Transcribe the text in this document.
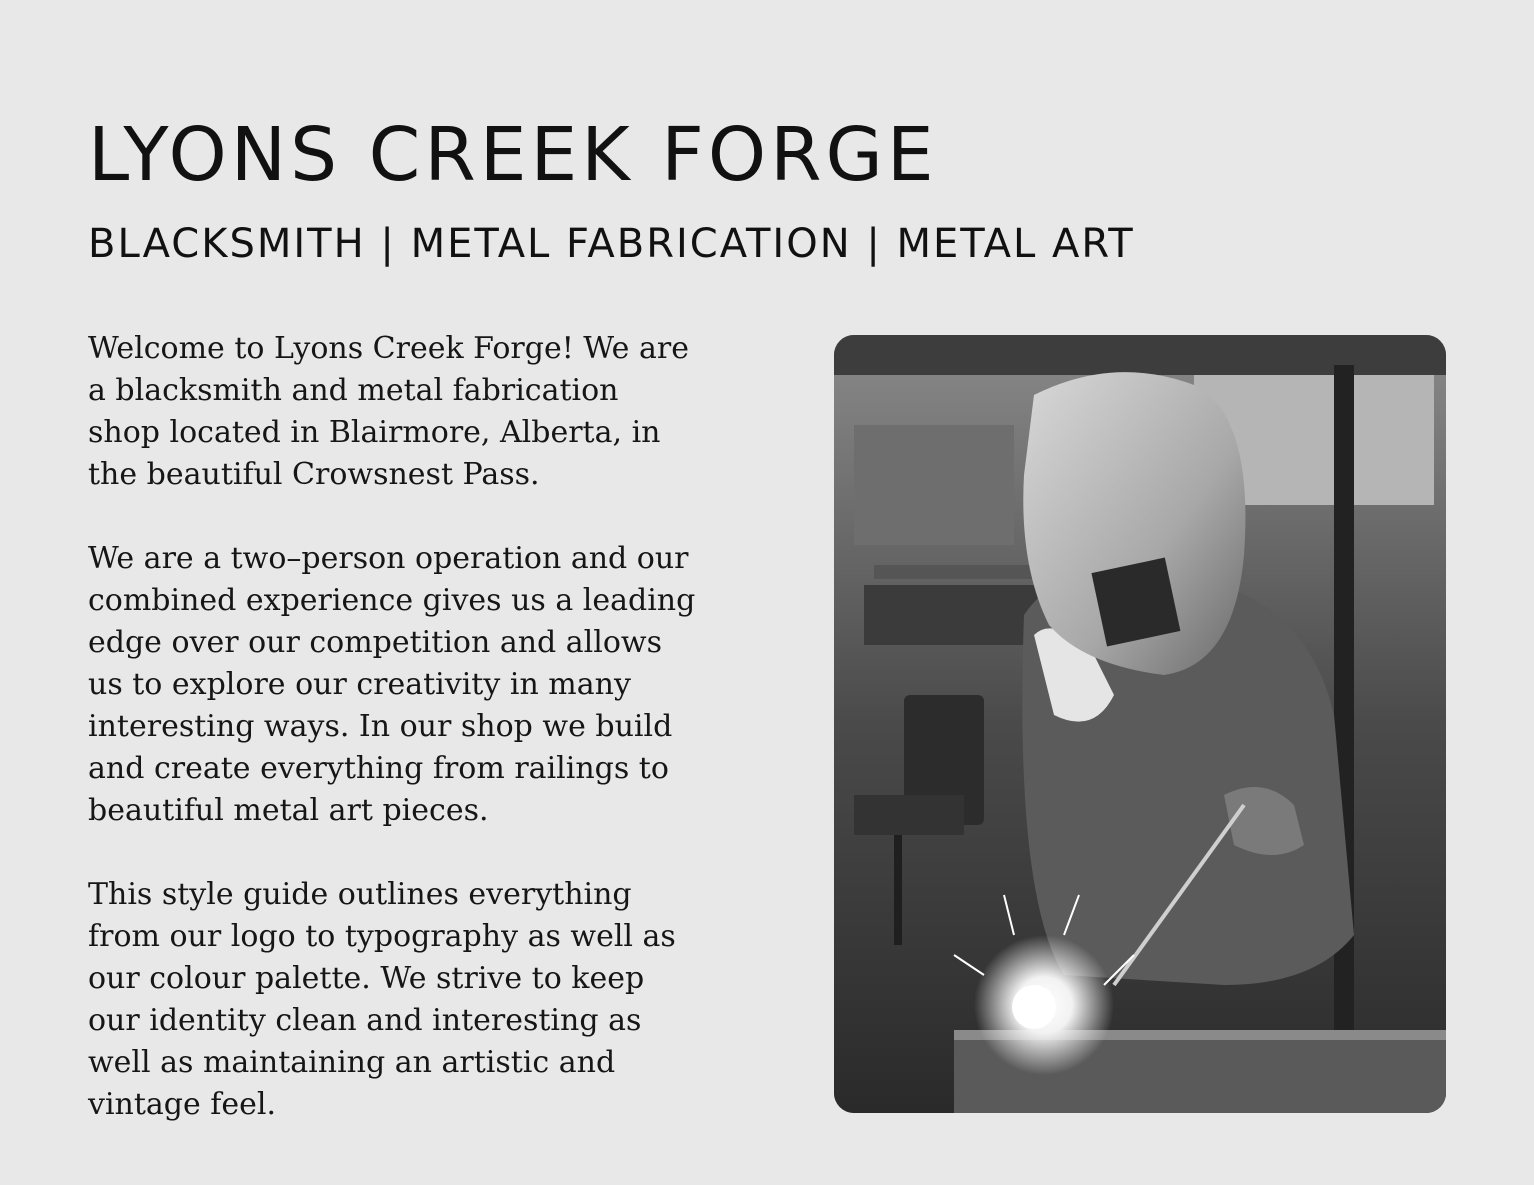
LYONS CREEK FORGE
BLACKSMITH | METAL FABRICATION | METAL ART

Welcome to Lyons Creek Forge! We are a blacksmith and metal fabrication shop located in Blairmore, Alberta, in the beautiful Crowsnest Pass.

We are a two–person operation and our combined experience gives us a leading edge over our competition and allows us to explore our creativity in many interesting ways. In our shop we build and create everything from railings to beautiful metal art pieces.

This style guide outlines everything from our logo to typography as well as our colour palette. We strive to keep our identity clean and interesting as well as maintaining an artistic and vintage feel.
